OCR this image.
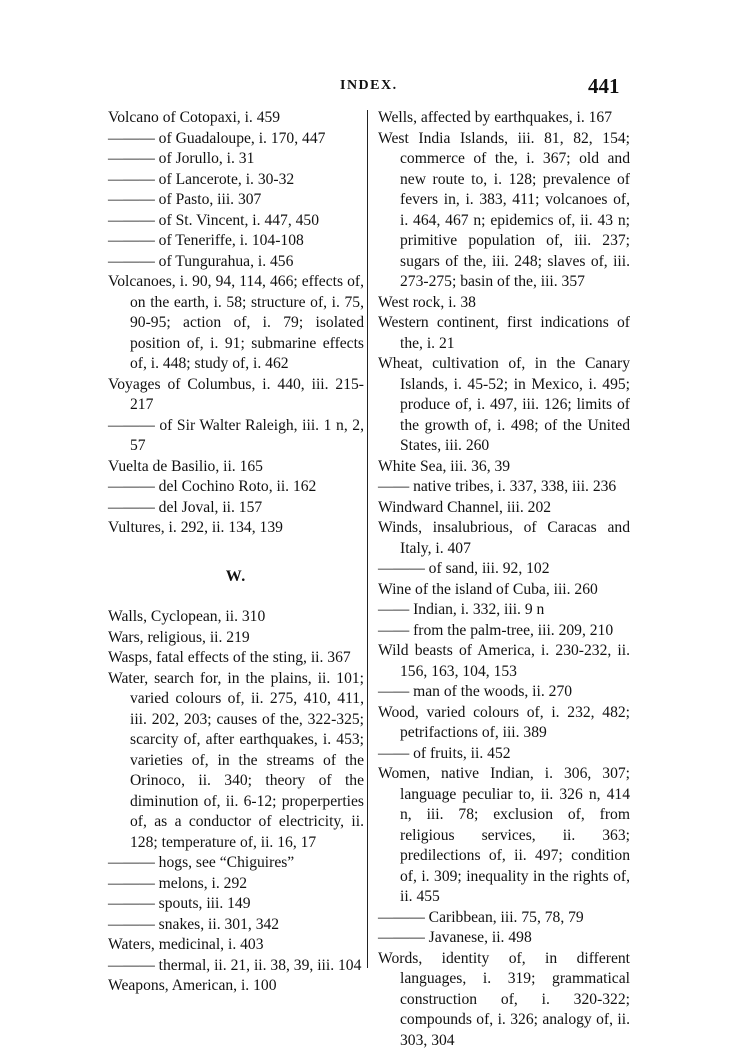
INDEX.	441
Volcano of Cotopaxi, i. 459
——— of Guadaloupe, i. 170, 447
——— of Jorullo, i. 31
——— of Lancerote, i. 30-32
——— of Pasto, iii. 307
——— of St. Vincent, i. 447, 450
——— of Teneriffe, i. 104-108
——— of Tungurahua, i. 456
Volcanoes, i. 90, 94, 114, 466; effects of, on the earth, i. 58; structure of, i. 75, 90-95; action of, i. 79; isolated position of, i. 91; submarine effects of, i. 448; study of, i. 462
Voyages of Columbus, i. 440, iii. 215-217
——— of Sir Walter Raleigh, iii. 1 n, 2, 57
Vuelta de Basilio, ii. 165
——— del Cochino Roto, ii. 162
——— del Joval, ii. 157
Vultures, i. 292, ii. 134, 139
W.
Walls, Cyclopean, ii. 310
Wars, religious, ii. 219
Wasps, fatal effects of the sting, ii. 367
Water, search for, in the plains, ii. 101; varied colours of, ii. 275, 410, 411, iii. 202, 203; causes of the, 322-325; scarcity of, after earthquakes, i. 453; varieties of, in the streams of the Orinoco, ii. 340; theory of the diminution of, ii. 6-12; properperties of, as a conductor of electricity, ii. 128; temperature of, ii. 16, 17
——— hogs, see “Chiguires”
——— melons, i. 292
——— spouts, iii. 149
——— snakes, ii. 301, 342
Waters, medicinal, i. 403
——— thermal, ii. 21, ii. 38, 39, iii. 104
Weapons, American, i. 100
Wells, affected by earthquakes, i. 167
West India Islands, iii. 81, 82, 154; commerce of the, i. 367; old and new route to, i. 128; prevalence of fevers in, i. 383, 411; volcanoes of, i. 464, 467 n; epidemics of, ii. 43 n; primitive population of, iii. 237; sugars of the, iii. 248; slaves of, iii. 273-275; basin of the, iii. 357
West rock, i. 38
Western continent, first indications of the, i. 21
Wheat, cultivation of, in the Canary Islands, i. 45-52; in Mexico, i. 495; produce of, i. 497, iii. 126; limits of the growth of, i. 498; of the United States, iii. 260
White Sea, iii. 36, 39
—— native tribes, i. 337, 338, iii. 236
Windward Channel, iii. 202
Winds, insalubrious, of Caracas and Italy, i. 407
——— of sand, iii. 92, 102
Wine of the island of Cuba, iii. 260
—— Indian, i. 332, iii. 9 n
—— from the palm-tree, iii. 209, 210
Wild beasts of America, i. 230-232, ii. 156, 163, 104, 153
—— man of the woods, ii. 270
Wood, varied colours of, i. 232, 482; petrifactions of, iii. 389
—— of fruits, ii. 452
Women, native Indian, i. 306, 307; language peculiar to, ii. 326 n, 414 n, iii. 78; exclusion of, from religious services, ii. 363; predilections of, ii. 497; condition of, i. 309; inequality in the rights of, ii. 455
——— Caribbean, iii. 75, 78, 79
——— Javanese, ii. 498
Words, identity of, in different languages, i. 319; grammatical construction of, i. 320-322; compounds of, i. 326; analogy of, ii. 303, 304
